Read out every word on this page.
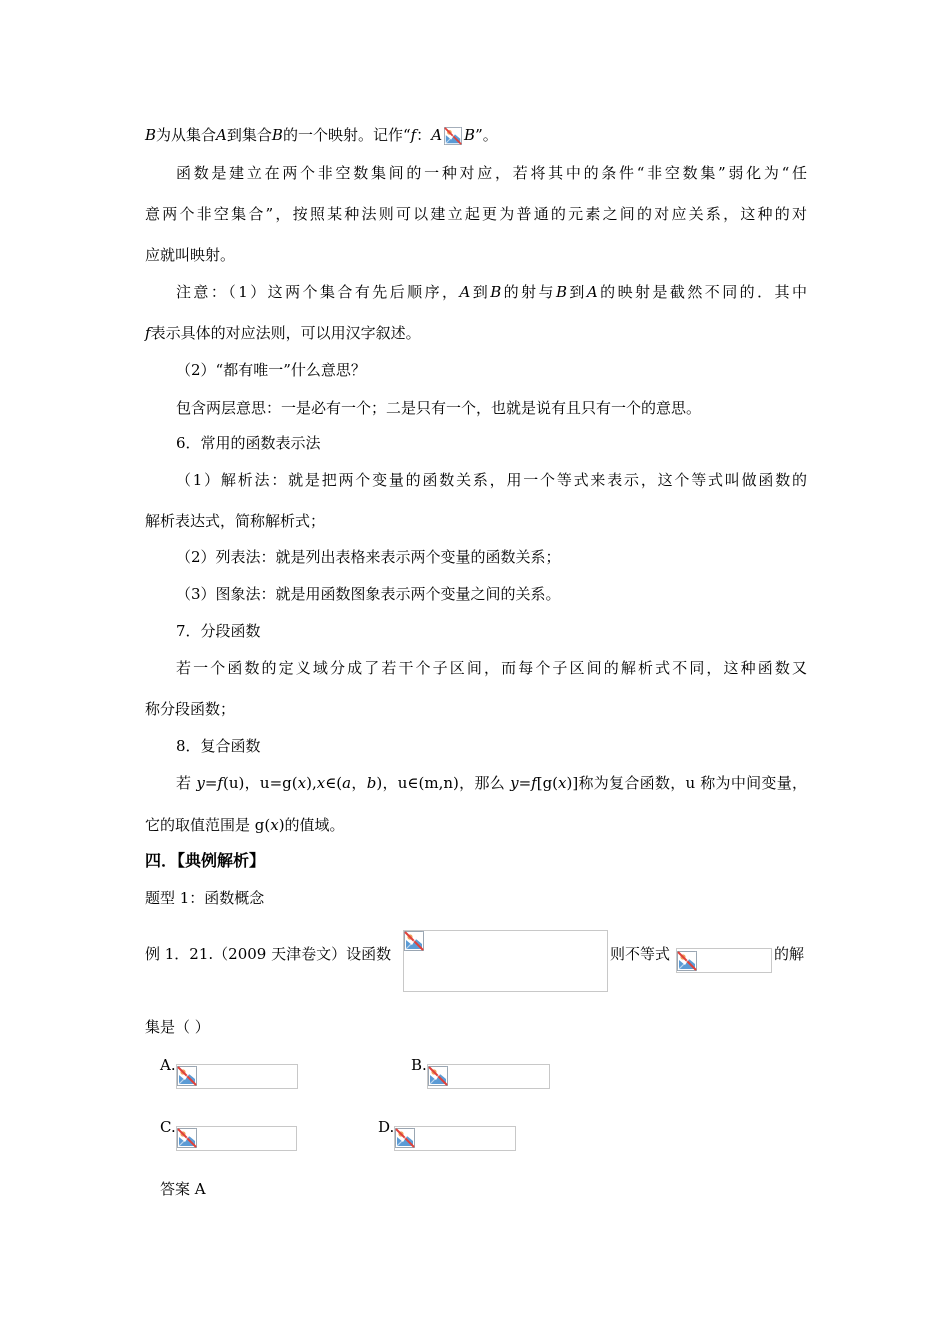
B为从集合A到集合B的一个映射。记作“f：A B”。
函数是建立在两个非空数集间的一种对应，若将其中的条件“非空数集”弱化为“任
意两个非空集合”，按照某种法则可以建立起更为普通的元素之间的对应关系，这种的对
应就叫映射。
注意：（1）这两个集合有先后顺序，A到B的射与B到A的映射是截然不同的．其中
f表示具体的对应法则，可以用汉字叙述。
（2）“都有唯一”什么意思？
包含两层意思：一是必有一个；二是只有一个，也就是说有且只有一个的意思。
6．常用的函数表示法
（1）解析法：就是把两个变量的函数关系，用一个等式来表示，这个等式叫做函数的
解析表达式，简称解析式；
（2）列表法：就是列出表格来表示两个变量的函数关系；
（3）图象法：就是用函数图象表示两个变量之间的关系。
7．分段函数
若一个函数的定义域分成了若干个子区间，而每个子区间的解析式不同，这种函数又
称分段函数；
8．复合函数
若 y=f(u)，u=g(x),x∈(a，b)，u∈(m,n)，那么 y=f[g(x)]称为复合函数，u 称为中间变量，
它的取值范围是 g(x)的值域。
四．【典例解析】
题型 1：函数概念
例 1．21.（2009 天津卷文）设函数	则不等式	的解
集是（ ）
A.	B.
C.	D.
答案 A
